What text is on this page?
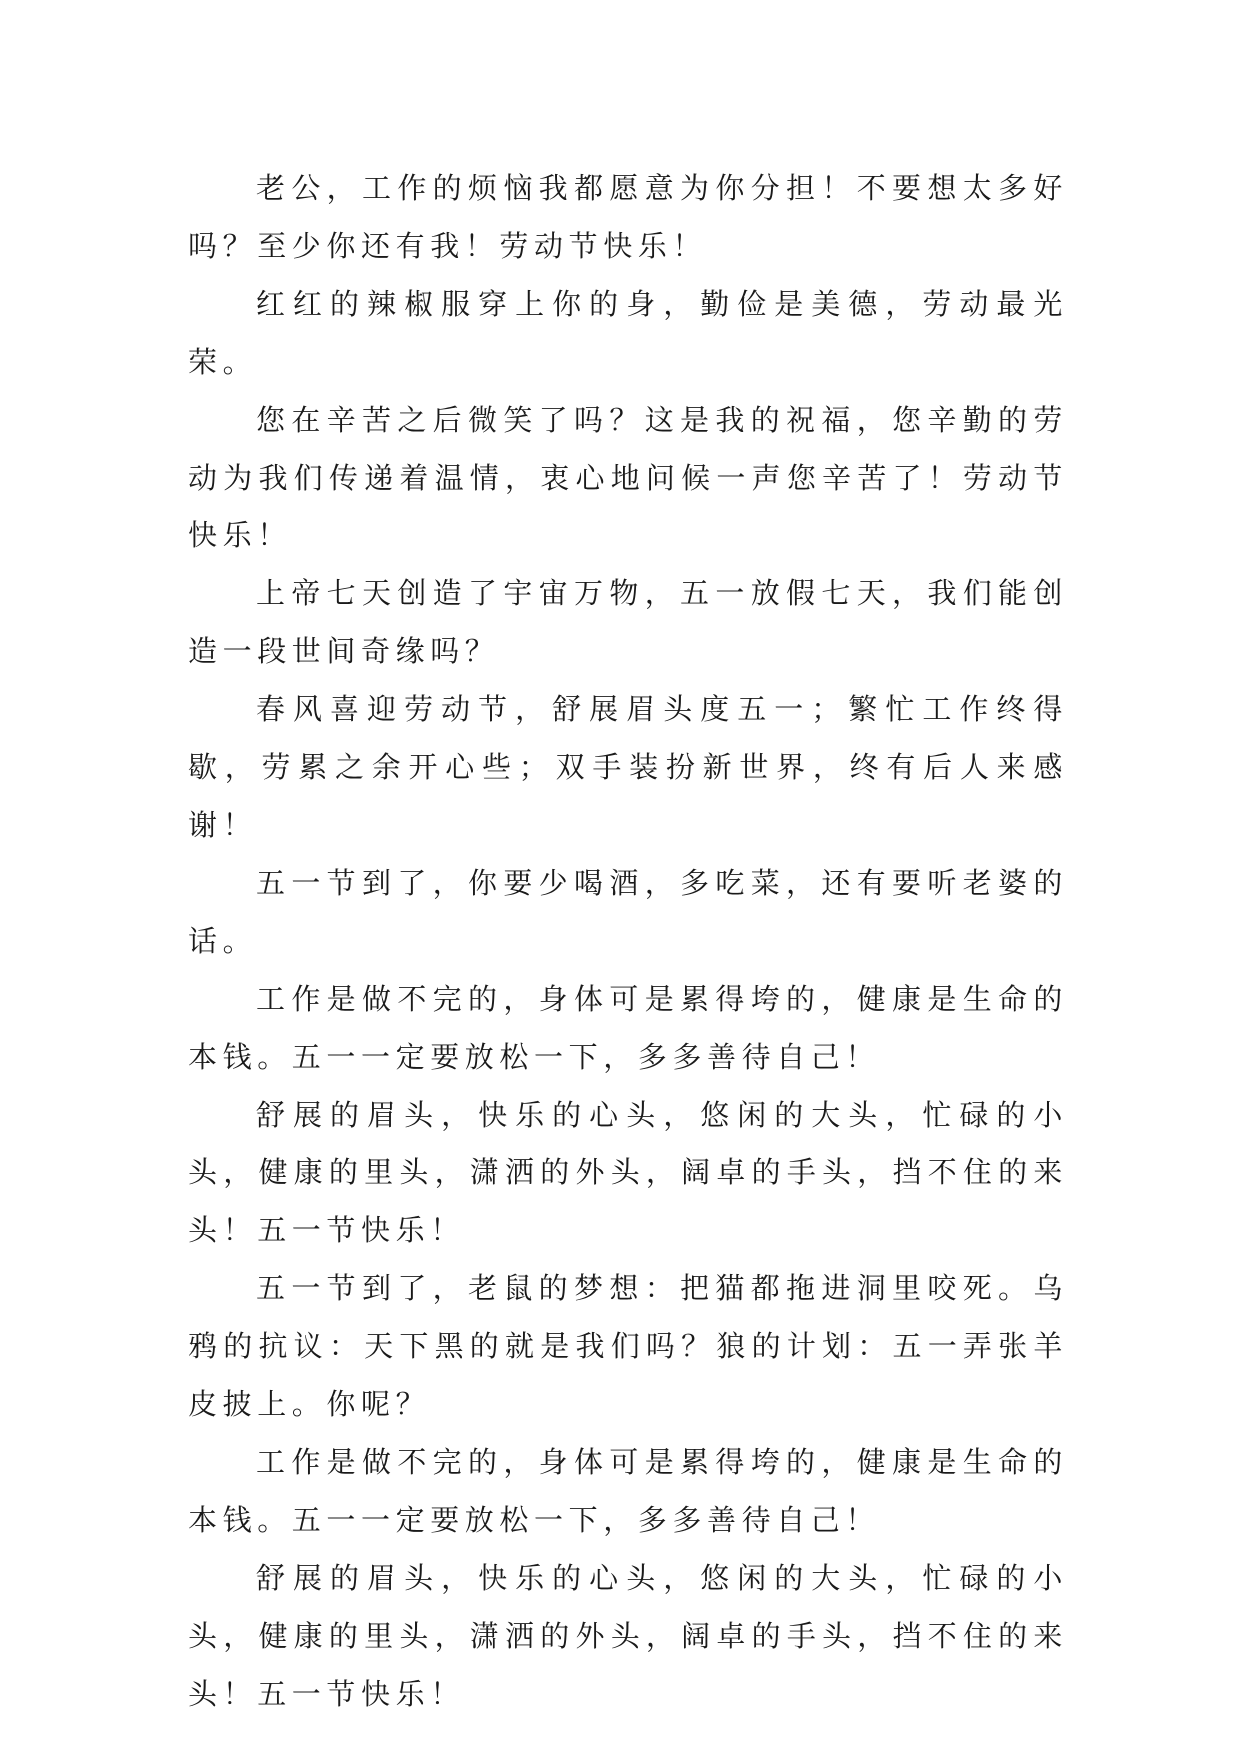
老公，工作的烦恼我都愿意为你分担！不要想太多好吗？至少你还有我！劳动节快乐！

红红的辣椒服穿上你的身，勤俭是美德，劳动最光荣。

您在辛苦之后微笑了吗？这是我的祝福，您辛勤的劳动为我们传递着温情，衷心地问候一声您辛苦了！劳动节快乐！

上帝七天创造了宇宙万物，五一放假七天，我们能创造一段世间奇缘吗？

春风喜迎劳动节，舒展眉头度五一；繁忙工作终得歇，劳累之余开心些；双手装扮新世界，终有后人来感谢！

五一节到了，你要少喝酒，多吃菜，还有要听老婆的话。

工作是做不完的，身体可是累得垮的，健康是生命的本钱。五一一定要放松一下，多多善待自己！

舒展的眉头，快乐的心头，悠闲的大头，忙碌的小头，健康的里头，潇洒的外头，阔卓的手头，挡不住的来头！五一节快乐！

五一节到了，老鼠的梦想：把猫都拖进洞里咬死。乌鸦的抗议：天下黑的就是我们吗？狼的计划：五一弄张羊皮披上。你呢？

工作是做不完的，身体可是累得垮的，健康是生命的本钱。五一一定要放松一下，多多善待自己！

舒展的眉头，快乐的心头，悠闲的大头，忙碌的小头，健康的里头，潇洒的外头，阔卓的手头，挡不住的来头！五一节快乐！
